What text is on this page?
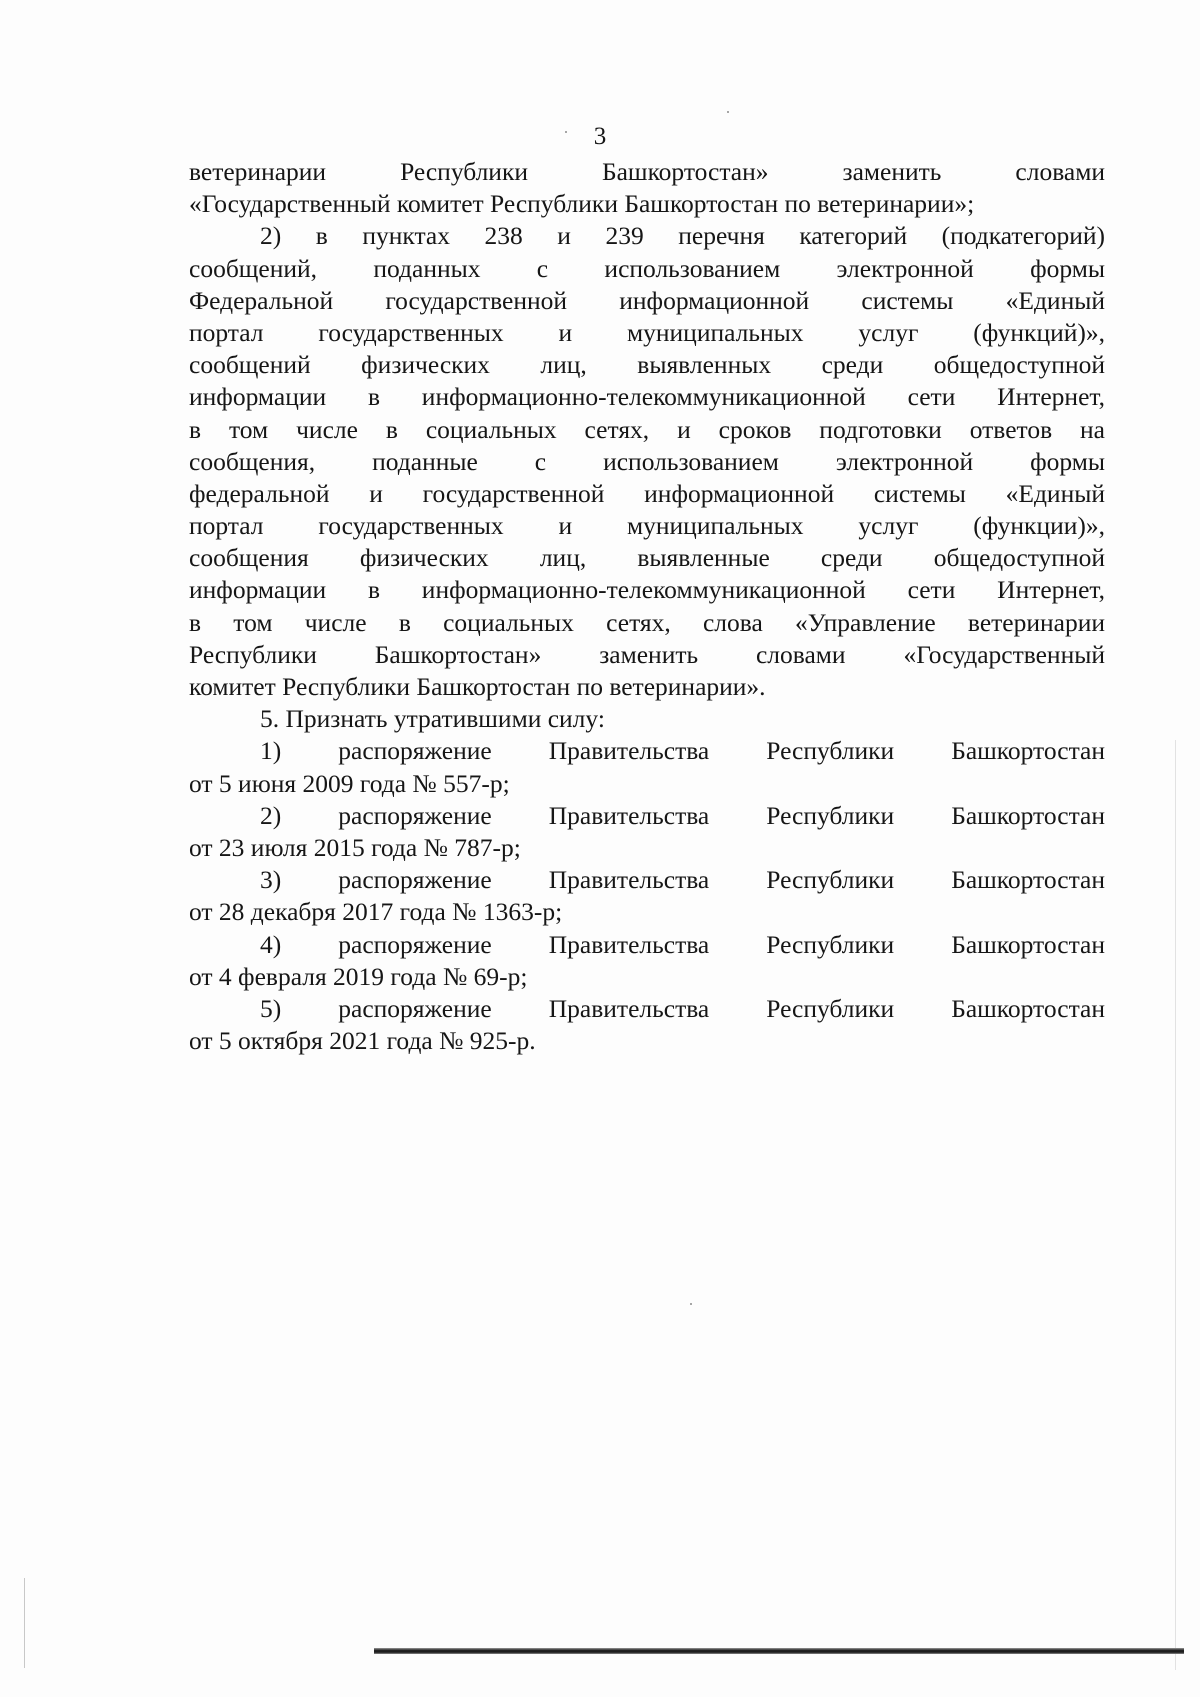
3
ветеринарии Республики Башкортостан» заменить словами
«Государственный комитет Республики Башкортостан по ветеринарии»;
2) в пунктах 238 и 239 перечня категорий (подкатегорий)
сообщений, поданных с использованием электронной формы
Федеральной государственной информационной системы «Единый
портал государственных и муниципальных услуг (функций)»,
сообщений физических лиц, выявленных среди общедоступной
информации в информационно-телекоммуникационной сети Интернет,
в том числе в социальных сетях, и сроков подготовки ответов на
сообщения, поданные с использованием электронной формы
федеральной и государственной информационной системы «Единый
портал государственных и муниципальных услуг (функции)»,
сообщения физических лиц, выявленные среди общедоступной
информации в информационно-телекоммуникационной сети Интернет,
в том числе в социальных сетях, слова «Управление ветеринарии
Республики Башкортостан» заменить словами «Государственный
комитет Республики Башкортостан по ветеринарии».
5. Признать утратившими силу:
1) распоряжение Правительства Республики Башкортостан
от 5 июня 2009 года № 557-р;
2) распоряжение Правительства Республики Башкортостан
от 23 июля 2015 года № 787-р;
3) распоряжение Правительства Республики Башкортостан
от 28 декабря 2017 года № 1363-р;
4) распоряжение Правительства Республики Башкортостан
от 4 февраля 2019 года № 69-р;
5) распоряжение Правительства Республики Башкортостан
от 5 октября 2021 года № 925-р.
